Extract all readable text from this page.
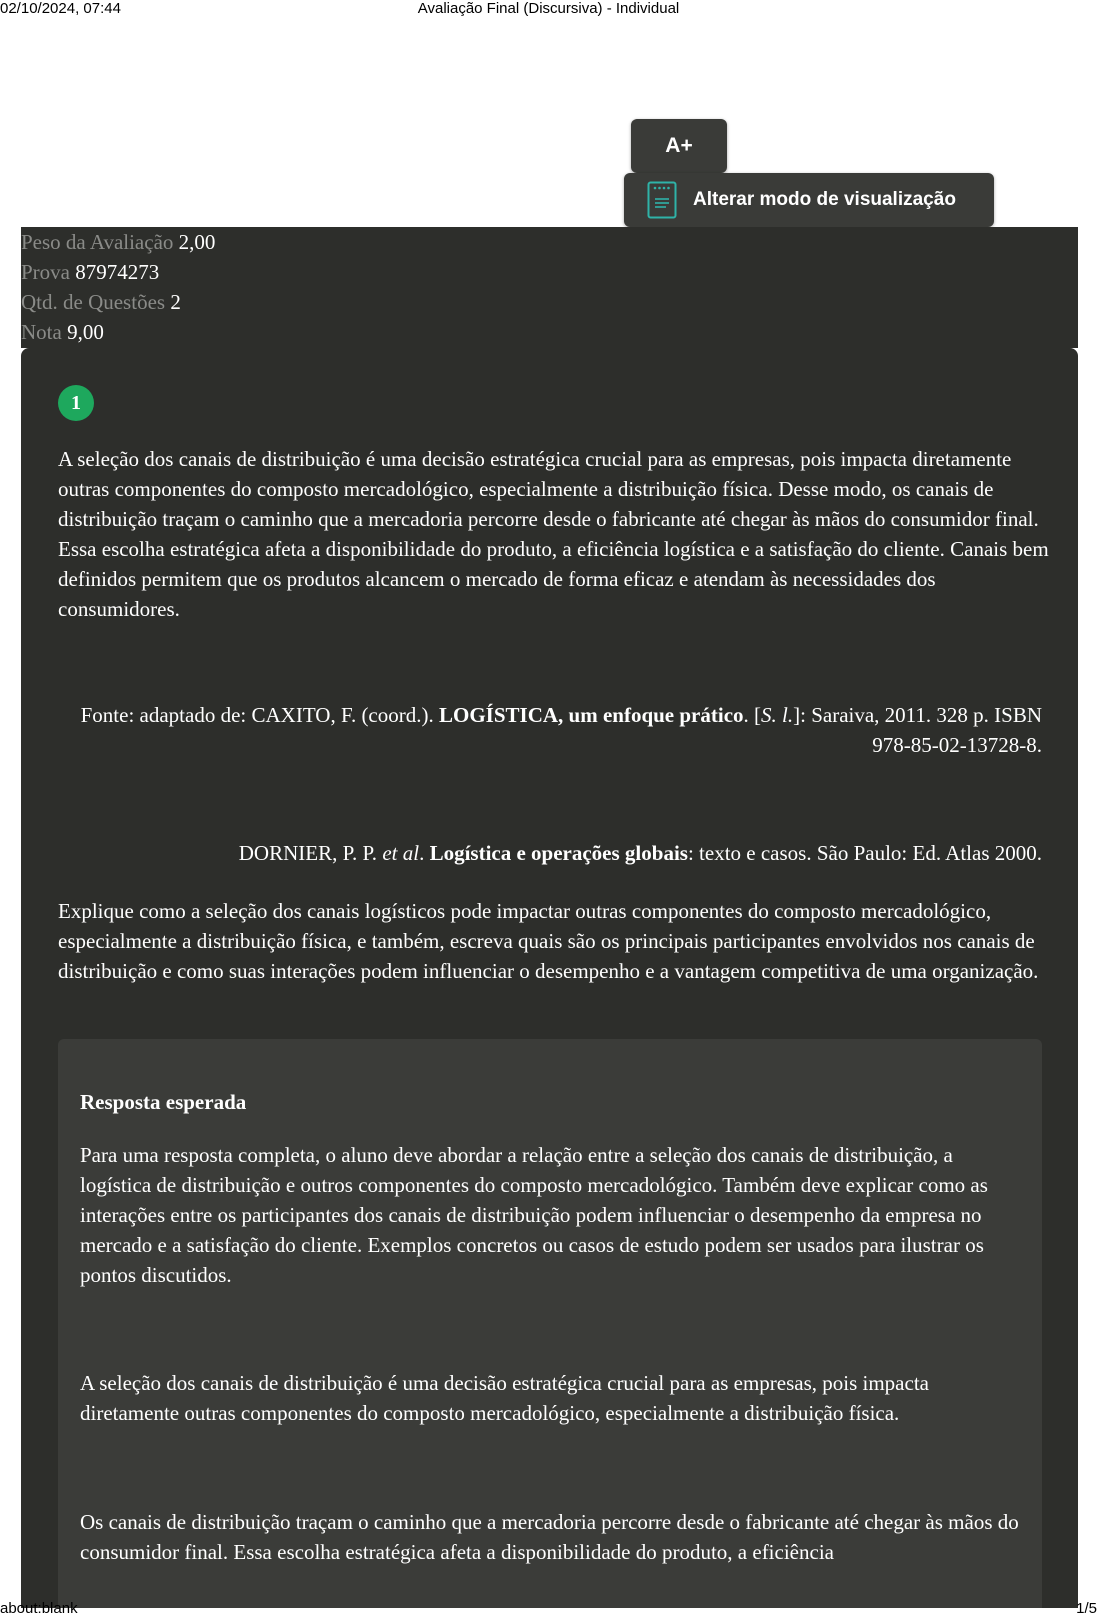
02/10/2024, 07:44	Avaliação Final (Discursiva) - Individual
A+
Alterar modo de visualização
Peso da Avaliação 2,00
Prova 87974273
Qtd. de Questões 2
Nota 9,00
1
A seleção dos canais de distribuição é uma decisão estratégica crucial para as empresas, pois impacta diretamente outras componentes do composto mercadológico, especialmente a distribuição física. Desse modo, os canais de distribuição traçam o caminho que a mercadoria percorre desde o fabricante até chegar às mãos do consumidor final. Essa escolha estratégica afeta a disponibilidade do produto, a eficiência logística e a satisfação do cliente. Canais bem definidos permitem que os produtos alcancem o mercado de forma eficaz e atendam às necessidades dos consumidores.
Fonte: adaptado de: CAXITO, F. (coord.). LOGÍSTICA, um enfoque prático. [S. l.]: Saraiva, 2011. 328 p. ISBN 978-85-02-13728-8.
DORNIER, P. P. et al. Logística e operações globais: texto e casos. São Paulo: Ed. Atlas 2000.
Explique como a seleção dos canais logísticos pode impactar outras componentes do composto mercadológico, especialmente a distribuição física, e também, escreva quais são os principais participantes envolvidos nos canais de distribuição e como suas interações podem influenciar o desempenho e a vantagem competitiva de uma organização.
Resposta esperada
Para uma resposta completa, o aluno deve abordar a relação entre a seleção dos canais de distribuição, a logística de distribuição e outros componentes do composto mercadológico. Também deve explicar como as interações entre os participantes dos canais de distribuição podem influenciar o desempenho da empresa no mercado e a satisfação do cliente. Exemplos concretos ou casos de estudo podem ser usados para ilustrar os pontos discutidos.
A seleção dos canais de distribuição é uma decisão estratégica crucial para as empresas, pois impacta diretamente outras componentes do composto mercadológico, especialmente a distribuição física.
Os canais de distribuição traçam o caminho que a mercadoria percorre desde o fabricante até chegar às mãos do consumidor final. Essa escolha estratégica afeta a disponibilidade do produto, a eficiência
about:blank	1/5
